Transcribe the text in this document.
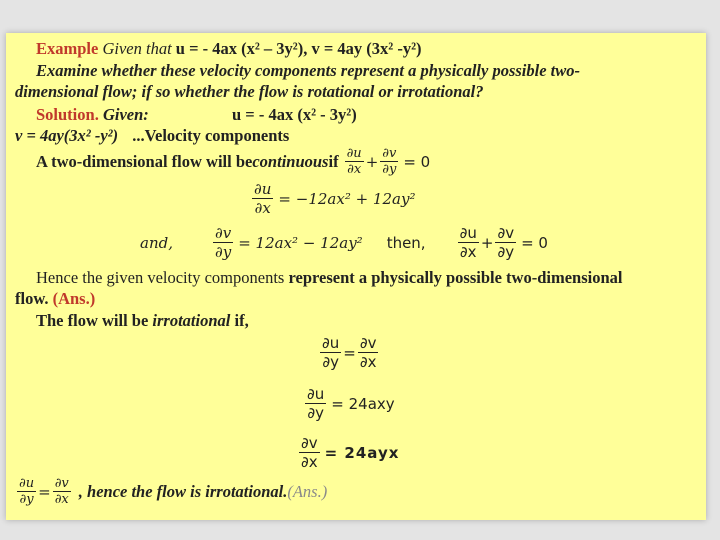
Example Given that u = - 4ax (x² – 3y²), v = 4ay (3x² -y²)
Examine whether these velocity components represent a physically possible two-
dimensional flow; if so whether the flow is rotational or irrotational?
Solution. Given:	u = - 4ax (x² - 3y²)
v = 4ay(3x² -y²) ...Velocity components
A two-dimensional flow will be continuous if $\frac{\partial u}{\partial x} + \frac{\partial v}{\partial y} = 0$
$\frac{\partial u}{\partial x} = -12ax^2 + 12ay^2$
and,	$\frac{\partial v}{\partial y} = 12ax^2 - 12ay^2$ then, $\frac{\partial u}{\partial x} + \frac{\partial v}{\partial y} = 0$
Hence the given velocity components represent a physically possible two-dimensional
flow. (Ans.)
The flow will be irrotational if,
$\frac{\partial u}{\partial y} = \frac{\partial v}{\partial x}$
$\frac{\partial u}{\partial y} = 24axy$
$\frac{\partial v}{\partial x} = 24ayx$
$\frac{\partial u}{\partial y} = \frac{\partial v}{\partial x}$ , hence the flow is irrotational. (Ans.)
